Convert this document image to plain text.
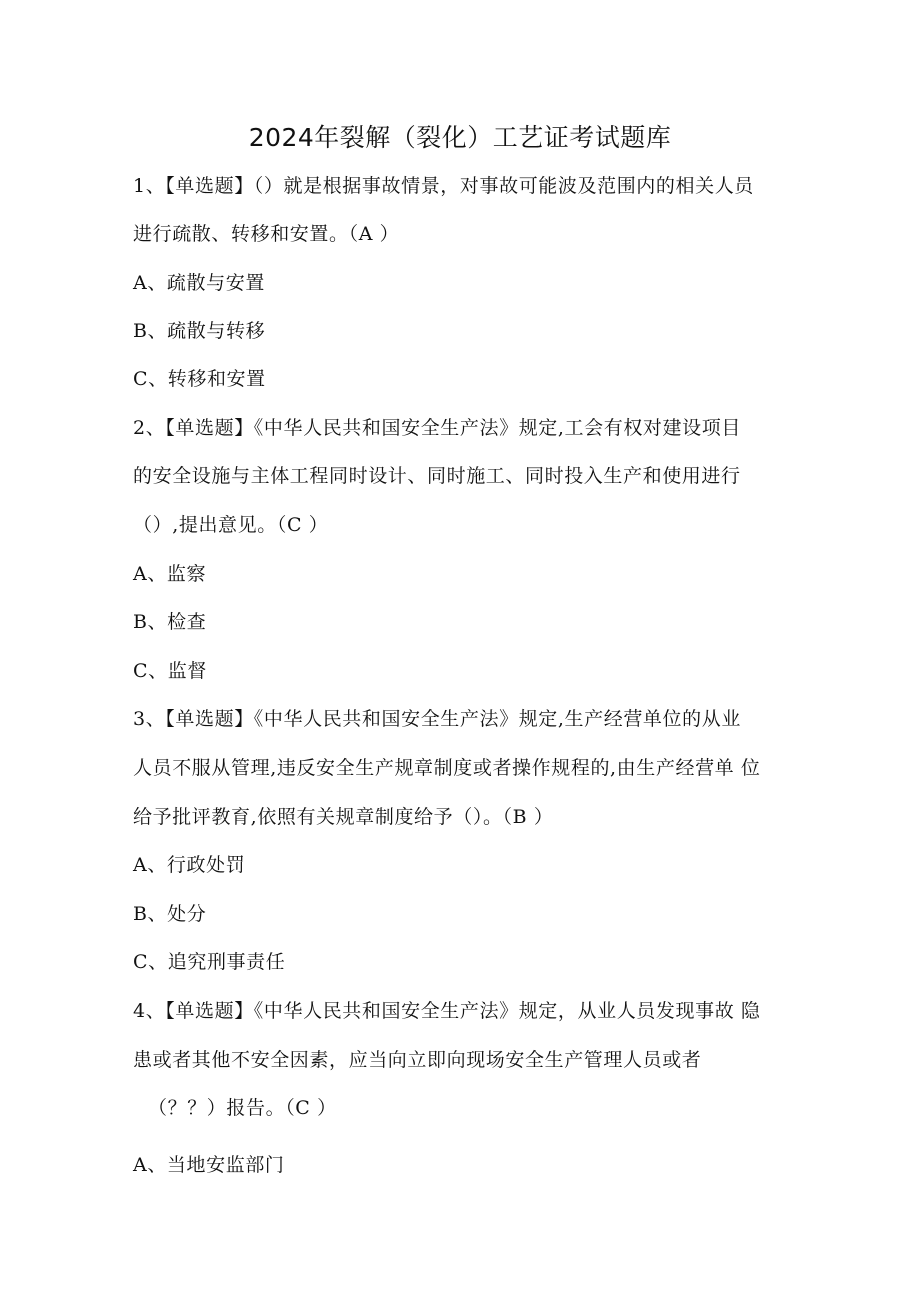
2024年裂解（裂化）工艺证考试题库
1、【单选题】（）就是根据事故情景，对事故可能波及范围内的相关人员
进行疏散、转移和安置。（A ）
A、疏散与安置
B、疏散与转移
C、转移和安置
2、【单选题】《中华人民共和国安全生产法》规定,工会有权对建设项目
的安全设施与主体工程同时设计、同时施工、同时投入生产和使用进行
（）,提出意见。（C ）
A、监察
B、检查
C、监督
3、【单选题】《中华人民共和国安全生产法》规定,生产经营单位的从业
人员不服从管理,违反安全生产规章制度或者操作规程的,由生产经营单 位
给予批评教育,依照有关规章制度给予（）。（B ）
A、行政处罚
B、处分
C、追究刑事责任
4、【单选题】《中华人民共和国安全生产法》规定，从业人员发现事故 隐
患或者其他不安全因素，应当向立即向现场安全生产管理人员或者
（？？）报告。（C ）
A、当地安监部门
